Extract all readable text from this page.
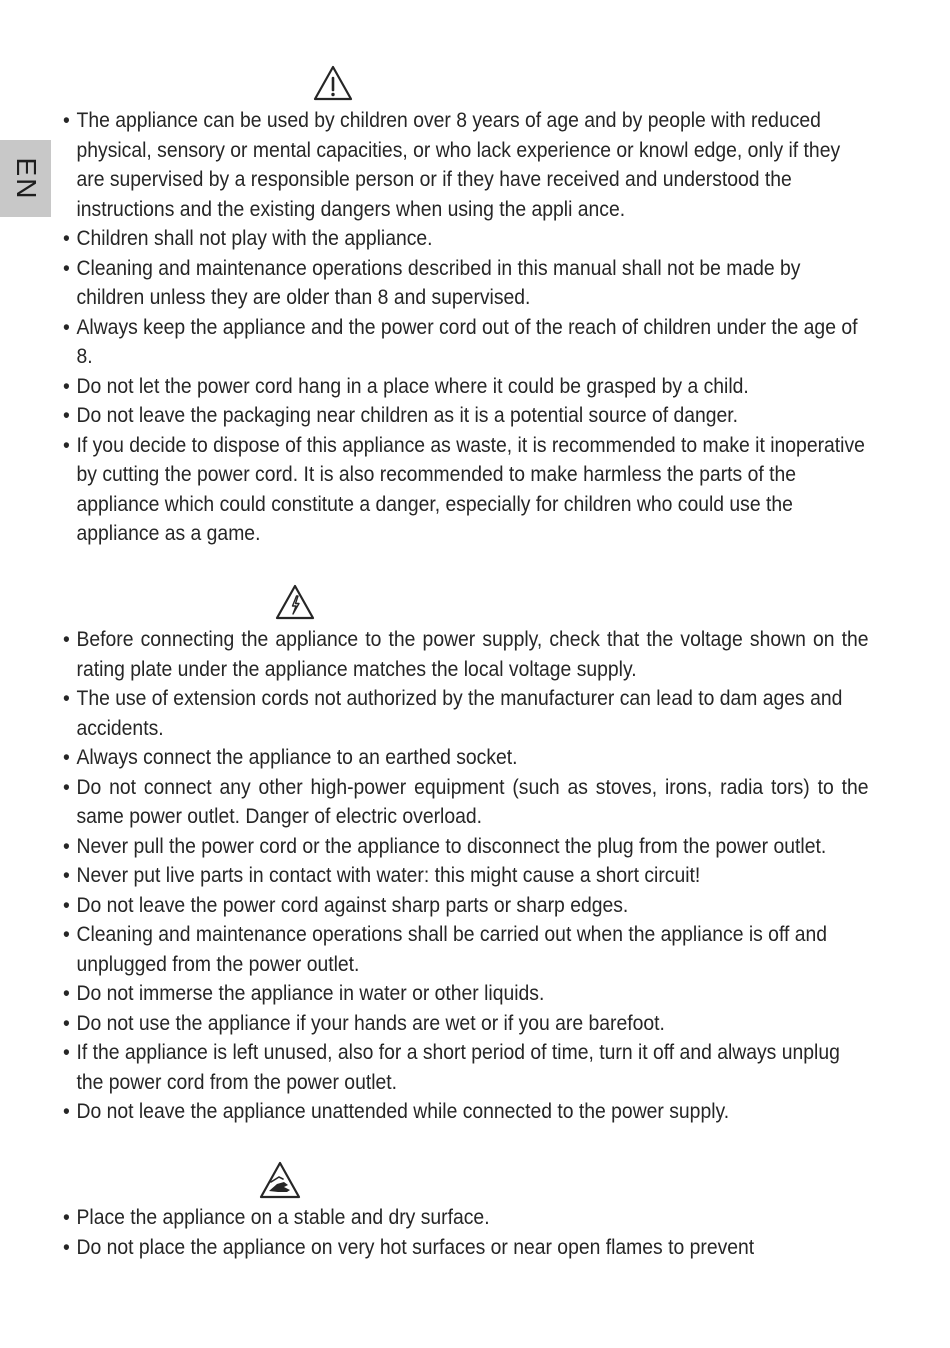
EN
• The appliance can be used by children over 8 years of age and by people with reduced physical, sensory or mental capacities, or who lack experience or knowl edge, only if they are supervised by a responsible person or if they have received and understood the instructions and the existing dangers when using the appli ance.
• Children shall not play with the appliance.
• Cleaning and maintenance operations described in this manual shall not be made by children unless they are older than 8 and supervised.
• Always keep the appliance and the power cord out of the reach of children under the age of 8.
• Do not let the power cord hang in a place where it could be grasped by a child.
• Do not leave the packaging near children as it is a potential source of danger.
• If you decide to dispose of this appliance as waste, it is recommended to make it inoperative by cutting the power cord. It is also recommended to make harmless the parts of the appliance which could constitute a danger, especially for children who could use the appliance as a game.
• Before connecting the appliance to the power supply, check that the voltage shown on the rating plate under the appliance matches the local voltage supply.
• The use of extension cords not authorized by the manufacturer can lead to dam ages and accidents.
• Always connect the appliance to an earthed socket.
• Do not connect any other high-power equipment (such as stoves, irons, radia tors) to the same power outlet. Danger of electric overload.
• Never pull the power cord or the appliance to disconnect the plug from the power outlet.
• Never put live parts in contact with water: this might cause a short circuit!
• Do not leave the power cord against sharp parts or sharp edges.
• Cleaning and maintenance operations shall be carried out when the appliance is off and unplugged from the power outlet.
• Do not immerse the appliance in water or other liquids.
• Do not use the appliance if your hands are wet or if you are barefoot.
• If the appliance is left unused, also for a short period of time, turn it off and always unplug the power cord from the power outlet.
• Do not leave the appliance unattended while connected to the power supply.
• Place the appliance on a stable and dry surface.
• Do not place the appliance on very hot surfaces or near open flames to prevent
